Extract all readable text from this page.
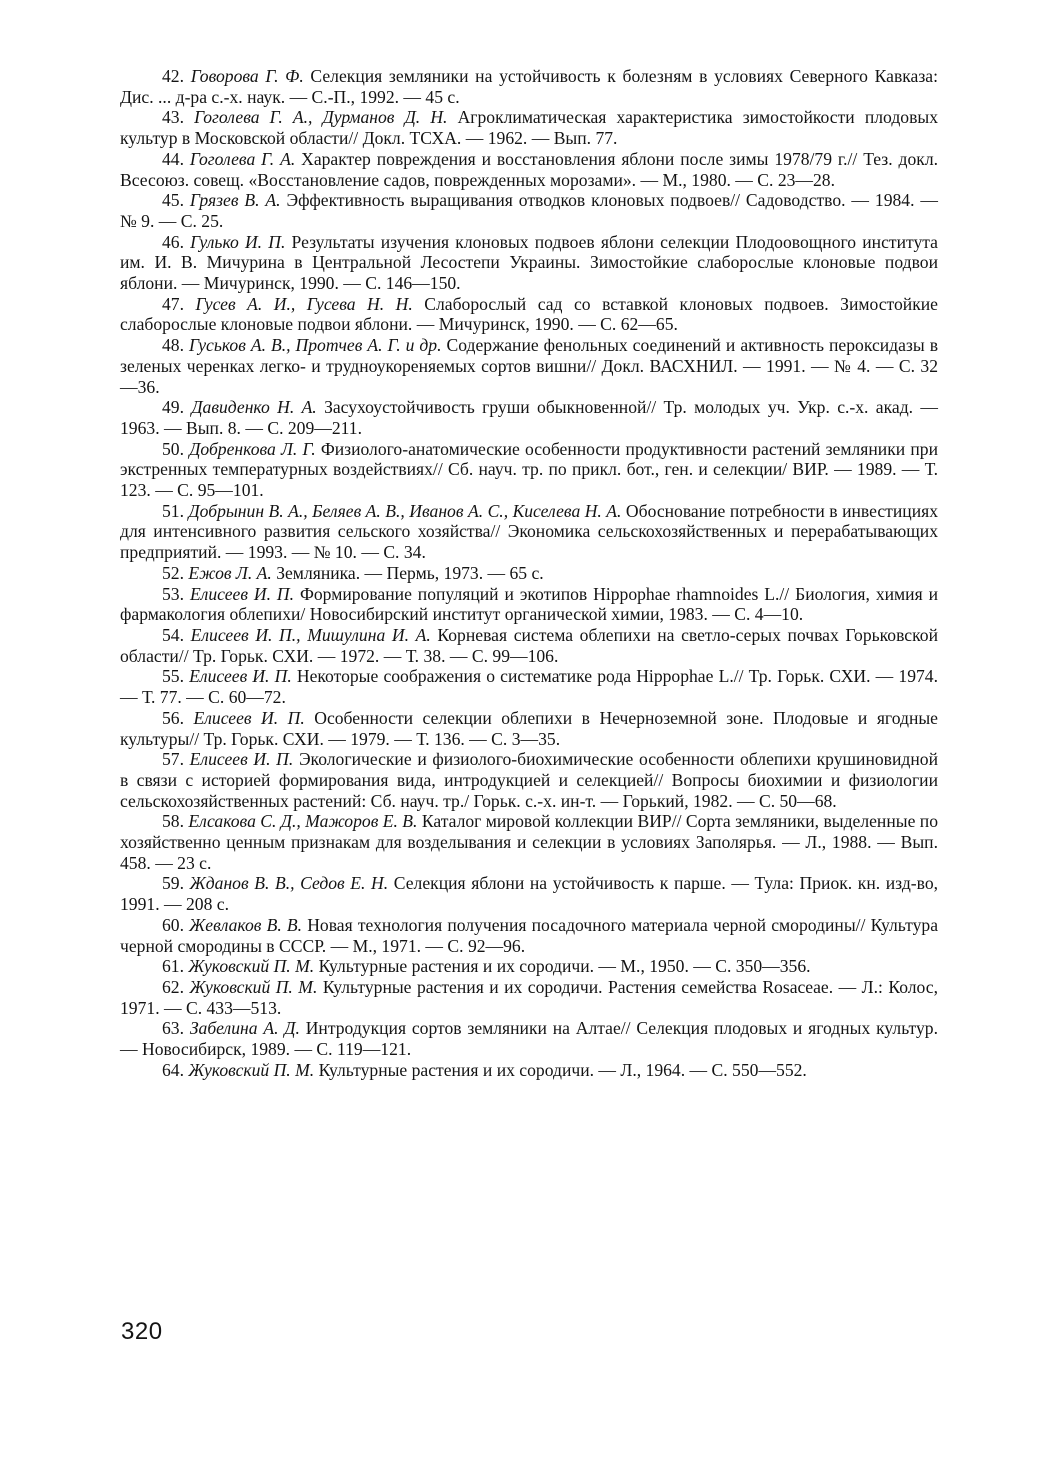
42. Говорова Г. Ф. Селекция земляники на устойчивость к болезням в условиях Северного Кавказа: Дис. ... д-ра с.-х. наук. — С.-П., 1992. — 45 с.

43. Гоголева Г. А., Дурманов Д. Н. Агроклиматическая характеристика зимостойкости плодовых культур в Московской области// Докл. ТСХА. — 1962. — Вып. 77.

44. Гоголева Г. А. Характер повреждения и восстановления яблони после зимы 1978/79 г.// Тез. докл. Всесоюз. совещ. «Восстановление садов, поврежденных морозами». — М., 1980. — С. 23—28.

45. Грязев В. А. Эффективность выращивания отводков клоновых подвоев// Садоводство. — 1984. — № 9. — С. 25.

46. Гулько И. П. Результаты изучения клоновых подвоев яблони селекции Плодоовощного института им. И. В. Мичурина в Центральной Лесостепи Украины. Зимостойкие слаборослые клоновые подвои яблони. — Мичуринск, 1990. — С. 146—150.

47. Гусев А. И., Гусева Н. Н. Слаборослый сад со вставкой клоновых подвоев. Зимостойкие слаборослые клоновые подвои яблони. — Мичуринск, 1990. — С. 62—65.

48. Гуськов А. В., Протчев А. Г. и др. Содержание фенольных соединений и активность пероксидазы в зеленых черенках легко- и трудноукореняемых сортов вишни// Докл. ВАСХНИЛ. — 1991. — № 4. — С. 32—36.

49. Давиденко Н. А. Засухоустойчивость груши обыкновенной// Тр. молодых уч. Укр. с.-х. акад. — 1963. — Вып. 8. — С. 209—211.

50. Добренкова Л. Г. Физиолого-анатомические особенности продуктивности растений земляники при экстренных температурных воздействиях// Сб. науч. тр. по прикл. бот., ген. и селекции/ ВИР. — 1989. — Т. 123. — С. 95—101.

51. Добрынин В. А., Беляев А. В., Иванов А. С., Киселева Н. А. Обоснование потребности в инвестициях для интенсивного развития сельского хозяйства// Экономика сельскохозяйственных и перерабатывающих предприятий. — 1993. — № 10. — С. 34.

52. Ежов Л. А. Земляника. — Пермь, 1973. — 65 с.

53. Елисеев И. П. Формирование популяций и экотипов Hippophae rhamnoides L.// Биология, химия и фармакология облепихи/ Новосибирский институт органической химии, 1983. — С. 4—10.

54. Елисеев И. П., Мишулина И. А. Корневая система облепихи на светло-серых почвах Горьковской области// Тр. Горьк. СХИ. — 1972. — Т. 38. — С. 99—106.

55. Елисеев И. П. Некоторые соображения о систематике рода Hippophae L.// Тр. Горьк. СХИ. — 1974. — Т. 77. — С. 60—72.

56. Елисеев И. П. Особенности селекции облепихи в Нечерноземной зоне. Плодовые и ягодные культуры// Тр. Горьк. СХИ. — 1979. — Т. 136. — С. 3—35.

57. Елисеев И. П. Экологические и физиолого-биохимические особенности облепихи крушиновидной в связи с историей формирования вида, интродукцией и селекцией// Вопросы биохимии и физиологии сельскохозяйственных растений: Сб. науч. тр./ Горьк. с.-х. ин-т. — Горький, 1982. — С. 50—68.

58. Елсакова С. Д., Мажоров Е. В. Каталог мировой коллекции ВИР// Сорта земляники, выделенные по хозяйственно ценным признакам для возделывания и селекции в условиях Заполярья. — Л., 1988. — Вып. 458. — 23 с.

59. Жданов В. В., Седов Е. Н. Селекция яблони на устойчивость к парше. — Тула: Приок. кн. изд-во, 1991. — 208 с.

60. Жевлаков В. В. Новая технология получения посадочного материала черной смородины// Культура черной смородины в СССР. — М., 1971. — С. 92—96.

61. Жуковский П. М. Культурные растения и их сородичи. — М., 1950. — С. 350—356.

62. Жуковский П. М. Культурные растения и их сородичи. Растения семейства Rosaceae. — Л.: Колос, 1971. — С. 433—513.

63. Забелина А. Д. Интродукция сортов земляники на Алтае// Селекция плодовых и ягодных культур. — Новосибирск, 1989. — С. 119—121.

64. Жуковский П. М. Культурные растения и их сородичи. — Л., 1964. — С. 550—552.

320
